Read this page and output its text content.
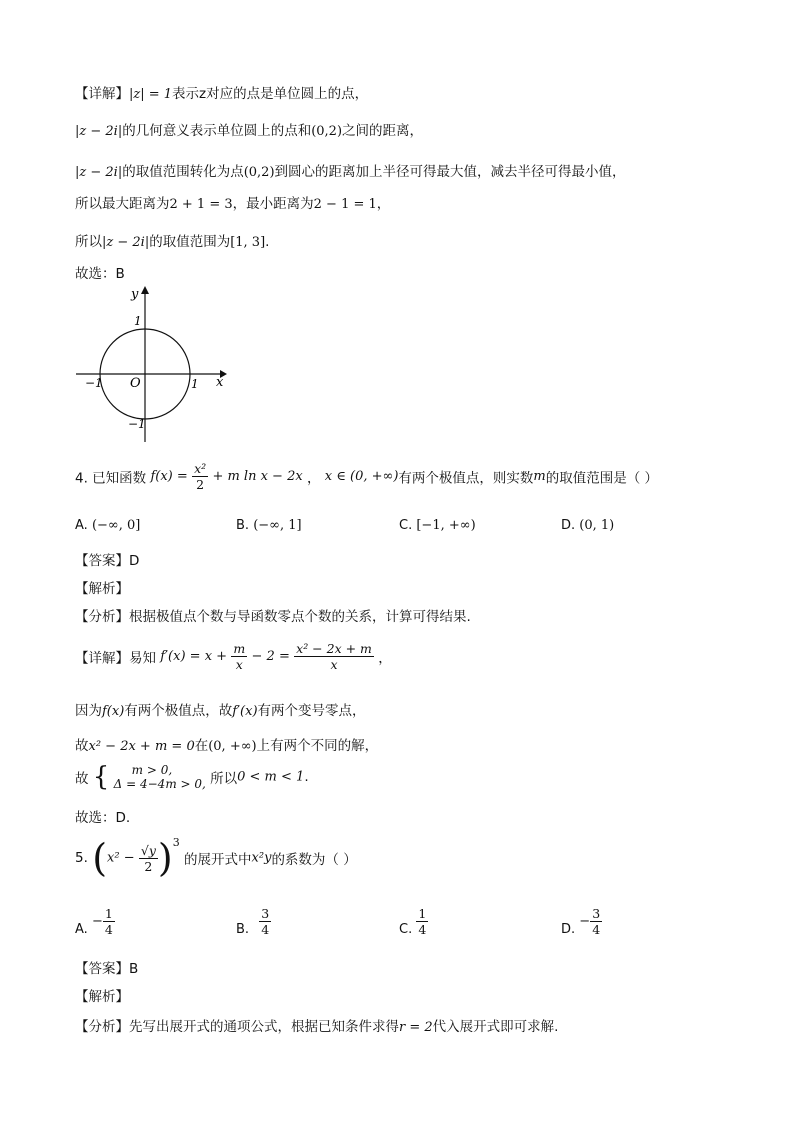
【详解】|z| = 1表示z对应的点是单位圆上的点，
|z − 2i|的几何意义表示单位圆上的点和(0,2)之间的距离，
|z − 2i|的取值范围转化为点(0,2)到圆心的距离加上半径可得最大值，减去半径可得最小值，
所以最大距离为2 + 1 = 3，最小距离为2 − 1 = 1，
所以|z − 2i|的取值范围为[1, 3].
故选：B
x
y
O	1
−1
1
−1
4. 已知函数 $f(x) = \frac{\text{x²}}{2} + m$ ln x − 2x ， x ∈ (0, +∞)有两个极值点，则实数m的取值范围是（ ）
A. (−∞, 0]	B. (−∞, 1]	C. [−1, +∞)	D. (0, 1)
【答案】D
【解析】
【分析】根据极值点个数与导函数零点个数的关系，计算可得结果.
【详解】易知 $f'(x) = x + \frac{m}{x} - 2 = \frac{\text{x² − 2x + m}}{x}$ ，
因为f(x)有两个极值点，故f′(x)有两个变号零点，
故x² − 2x + m = 0在(0, +∞)上有两个不同的解，
故 {	m > 0,
Δ = 4−4m > 0, 所以0 < m < 1.
故选：D.
5. $(x^2 - \frac{√y}{2} )^3$ 的展开式中x²y的系数为（ ）
A. − $\frac{1}{4}$	B. $\frac{3}{4}$	C. $\frac{1}{4}$	D. − $\frac{3}{4}$
【答案】B
【解析】
【分析】先写出展开式的通项公式，根据已知条件求得r = 2代入展开式即可求解.
